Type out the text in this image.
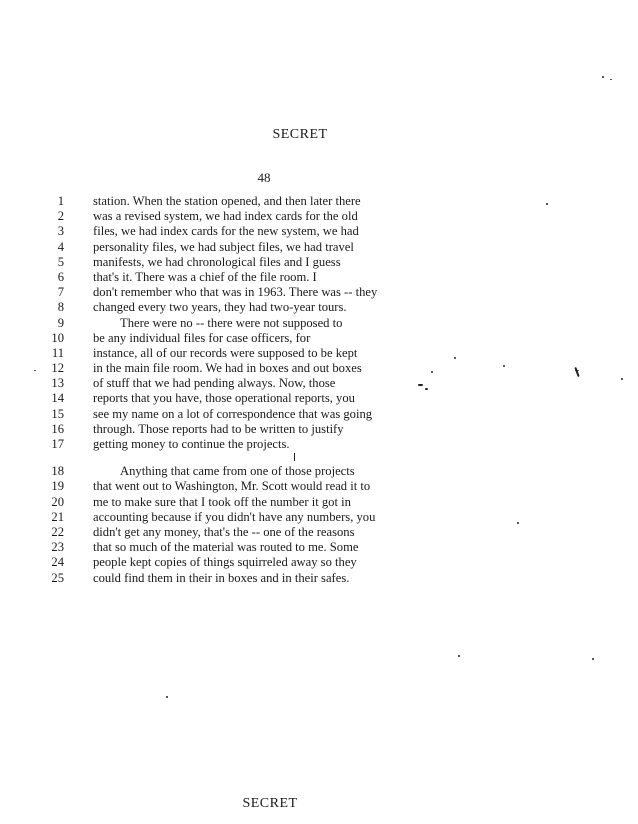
SECRET
48
1 station. When the station opened, and then later there
2 was a revised system, we had index cards for the old
3 files, we had index cards for the new system, we had
4 personality files, we had subject files, we had travel
5 manifests, we had chronological files and I guess
6 that's it. There was a chief of the file room. I
7 don't remember who that was in 1963. There was -- they
8 changed every two years, they had two-year tours.
9	There were no -- there were not supposed to
10 be any individual files for case officers, for
11 instance, all of our records were supposed to be kept
12 in the main file room. We had in boxes and out boxes
13 of stuff that we had pending always. Now, those
14 reports that you have, those operational reports, you
15 see my name on a lot of correspondence that was going
16 through. Those reports had to be written to justify
17 getting money to continue the projects.
18	Anything that came from one of those projects
19 that went out to Washington, Mr. Scott would read it to
20 me to make sure that I took off the number it got in
21 accounting because if you didn't have any numbers, you
22 didn't get any money, that's the -- one of the reasons
23 that so much of the material was routed to me. Some
24 people kept copies of things squirreled away so they
25 could find them in their in boxes and in their safes.
SECRET
